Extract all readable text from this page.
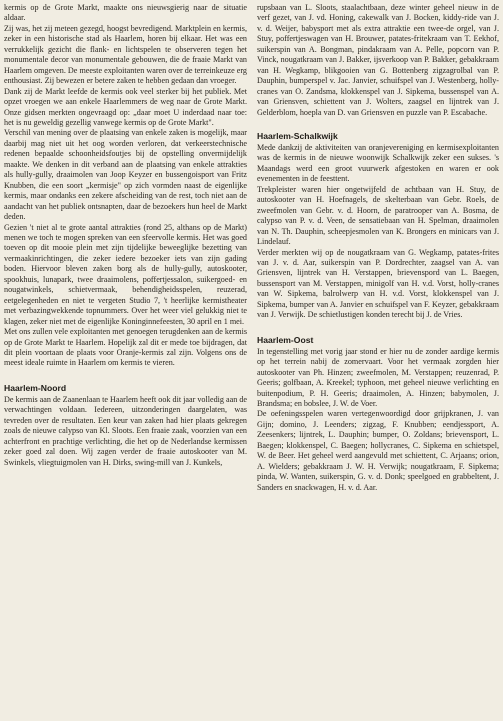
kermis op de Grote Markt, maakte ons nieuwsgierig naar de situatie aldaar.

Zij was, het zij meteen gezegd, hoogst bevredigend. Marktplein en kermis, zeker in een historische stad als Haarlem, horen bij elkaar. Het was een verrukkelijk gezicht die flank- en lichtspelen te observeren tegen het monumentale decor van monumentale gebouwen, die de fraaie Markt van Haarlem omgeven. De meeste exploitanten waren over de terreinkeuze erg enthousiast. Zij bewezen er betere zaken te hebben gedaan dan vroeger.

Dank zij de Markt leefde de kermis ook veel sterker bij het publiek. Met opzet vroegen we aan enkele Haarlemmers de weg naar de Grote Markt. Onze gidsen merkten ongevraagd op: „daar moet U inderdaad naar toe: het is nu geweldig gezellig vanwege kermis op de Grote Markt".

Verschil van mening over de plaatsing van enkele zaken is mogelijk, maar daarbij mag niet uit het oog worden verloren, dat verkeerstechnische redenen bepaalde schoonheidsfoutjes bij de opstelling onvermijdelijk maakte. We denken in dit verband aan de plaatsing van enkele attrakties als hully-gully, draaimolen van Joop Keyzer en bussengoisport van Fritz Knubben, die een soort „kermisje" op zich vormden naast de eigenlijke kermis, maar ondanks een zekere afscheiding van de rest, toch niet aan de aandacht van het publiek ontsnapten, daar de bezoekers hun heel de Markt deden.

Gezien 't niet al te grote aantal attrakties (rond 25, althans op de Markt) menen we toch te mogen spreken van een sfeervolle kermis. Het was goed toeven op dit mooie plein met zijn tijdelijke beweeglijke bezetting van vermaakinrichtingen, die zeker iedere bezoeker iets van zijn gading boden. Hiervoor bleven zaken borg als de hully-gully, autoskooter, spookhuis, lunapark, twee draaimolens, poffertjessalon, suikergoed- en nougatwinkels, schietvermaak, behendigheidsspelen, reuzerad, eetgelegenheden en niet te vergeten Studio 7, 't heerlijke kermistheater met verbazingwekkende topnummers. Over het weer viel gelukkig niet te klagen, zeker niet met de eigenlijke Koninginnefeesten, 30 april en 1 mei.

Met ons zullen vele exploitanten met genoegen terugdenken aan de kermis op de Grote Markt te Haarlem. Hopelijk zal dit er mede toe bijdragen, dat dit plein voortaan de plaats voor Oranje-kermis zal zijn. Volgens ons de meest ideale ruimte in Haarlem om kermis te vieren.

Haarlem-Noord

De kermis aan de Zaanenlaan te Haarlem heeft ook dit jaar volledig aan de verwachtingen voldaan. Iedereen, uitzonderingen daargelaten, was tevreden over de resultaten. Een keur van zaken had hier plaats gekregen zoals de nieuwe calypso van Kl. Sloots. Een fraaie zaak, voorzien van een achterfront en prachtige verlichting, die het op de Nederlandse kermissen zeker goed zal doen. Wij zagen verder de fraaie autoskooter van M. Swinkels, vliegtuigmolen van H. Dirks, swing-mill van J. Kunkels,

rupsbaan van L. Sloots, staalachtbaan, deze winter geheel nieuw in de verf gezet, van J. vd. Honing, cakewalk van J. Bocken, kiddy-ride van J. v. d. Weijer, babysport met als extra attraktie een twee-de orgel, van J. Stuy, poffertjeswagen van H. Brouwer, patates-fritekraam van T. Eekhof, suikerspin van A. Bongman, pindakraam van A. Pelle, popcorn van P. Vinck, nougatkraam van J. Bakker, ijsverkoop van P. Bakker, gebakkraam van H. Wegkamp, blikgooien van G. Bottenberg zigzagrolbal van P. Dauphin, bumperspel v. Jac. Janvier, schuifspel van J. Westenberg, holly-cranes van O. Zandsma, klokkenspel van J. Sipkema, bussenspel van A. van Griensven, schiettent van J. Wolters, zaagsel en lijntrek van J. Gelderblom, hoepla van D. van Griensven en puzzle van P. Escabache.

Haarlem-Schalkwijk

Mede dankzij de aktiviteiten van oranjevereniging en kermisexploitanten was de kermis in de nieuwe woonwijk Schalkwijk zeker een sukses. 's Maandags werd een groot vuurwerk afgestoken en waren er ook evenementen in de feesttent.

Trekpleister waren hier ongetwijfeld de achtbaan van H. Stuy, de autoskooter van H. Hoefnagels, de skelterbaan van Gebr. Roels, de zweefmolen van Gebr. v. d. Hoorn, de paratrooper van A. Bosma, de calypso van P. v. d. Veen, de sensatiebaan van H. Spelman, draaimolen van N. Th. Dauphin, scheepjesmolen van K. Brongers en minicars van J. Lindelauf.

Verder merkten wij op de nougatkraam van G. Wegkamp, patates-frites van J. v. d. Aar, suikerspin van P. Dordrechter, zaagsel van A. van Griensven, lijntrek van H. Verstappen, brievenspord van L. Baegen, bussensport van M. Verstappen, minigolf van H. v.d. Vorst, holly-cranes van W. Sipkema, balrolwerp van H. v.d. Vorst, klokkenspel van J. Sipkema, bumper van A. Janvier en schuifspel van F. Keyzer, gebakkraam van J. Verwijk. De schietlustigen konden terecht bij J. de Vries.

Haarlem-Oost

In tegenstelling met vorig jaar stond er hier nu de zonder aardige kermis op het terrein nabij de zomervaart. Voor het vermaak zorgden hier autoskooter van Ph. Hinzen; zweefmolen, M. Verstappen; reuzenrad, P. Geeris; golfbaan, A. Kreekel; typhoon, met geheel nieuwe verlichting en buitenpodium, P. H. Geeris; draaimolen, A. Hinzen; babymolen, J. Brandsma; en bobslee, J. W. de Voer.

De oefeningsspelen waren vertegenwoordigd door grijpkranen, J. van Gijn; domino, J. Leenders; zigzag, F. Knubben; eendjessport, A. Zeesenkers; lijntrek, L. Dauphin; bumper, O. Zoldans; brievensport, L. Baegen; klokkenspel, C. Baegen; hollycranes, C. Sipkema en schietspel, W. de Beer. Het geheel werd aangevuld met schiettent, C. Arjaans; orion, A. Wielders; gebakkraam J. W. H. Verwijk; nougatkraam, F. Sipkema; pinda, W. Wanten, suikerspin, G. v. d. Donk; speelgoed en grabbeltent, J. Sanders en snackwagen, H. v. d. Aar.
